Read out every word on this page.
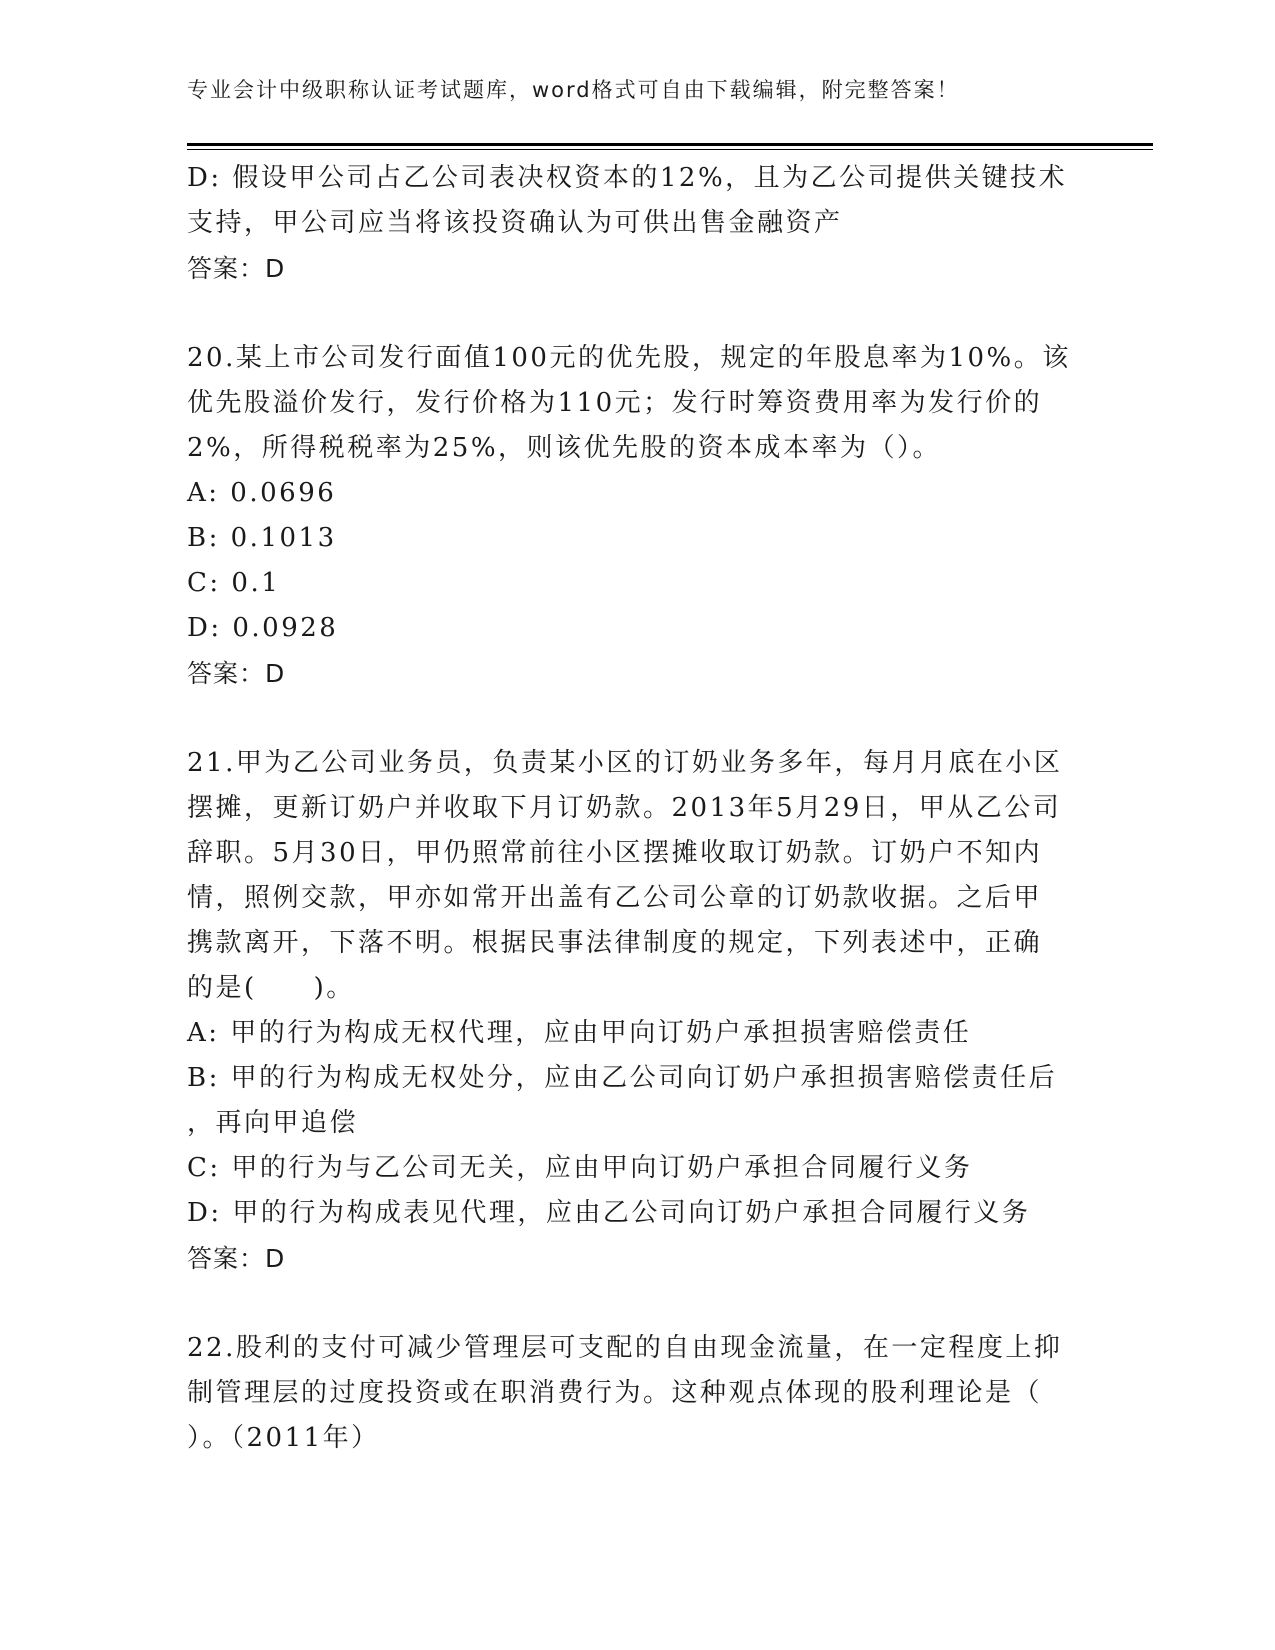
专业会计中级职称认证考试题库，word格式可自由下载编辑，附完整答案！
D: 假设甲公司占乙公司表决权资本的12%，且为乙公司提供关键技术
支持，甲公司应当将该投资确认为可供出售金融资产
答案：D
20.某上市公司发行面值100元的优先股，规定的年股息率为10%。该
优先股溢价发行，发行价格为110元；发行时筹资费用率为发行价的
2%，所得税税率为25%，则该优先股的资本成本率为（）。
A: 0.0696
B: 0.1013
C: 0.1
D: 0.0928
答案：D
21.甲为乙公司业务员，负责某小区的订奶业务多年，每月月底在小区
摆摊，更新订奶户并收取下月订奶款。2013年5月29日，甲从乙公司
辞职。5月30日，甲仍照常前往小区摆摊收取订奶款。订奶户不知内
情，照例交款，甲亦如常开出盖有乙公司公章的订奶款收据。之后甲
携款离开，下落不明。根据民事法律制度的规定，下列表述中，正确
的是(　　)。
A: 甲的行为构成无权代理，应由甲向订奶户承担损害赔偿责任
B: 甲的行为构成无权处分，应由乙公司向订奶户承担损害赔偿责任后
，再向甲追偿
C: 甲的行为与乙公司无关，应由甲向订奶户承担合同履行义务
D: 甲的行为构成表见代理，应由乙公司向订奶户承担合同履行义务
答案：D
22.股利的支付可减少管理层可支配的自由现金流量，在一定程度上抑
制管理层的过度投资或在职消费行为。这种观点体现的股利理论是（
）。（2011年）
